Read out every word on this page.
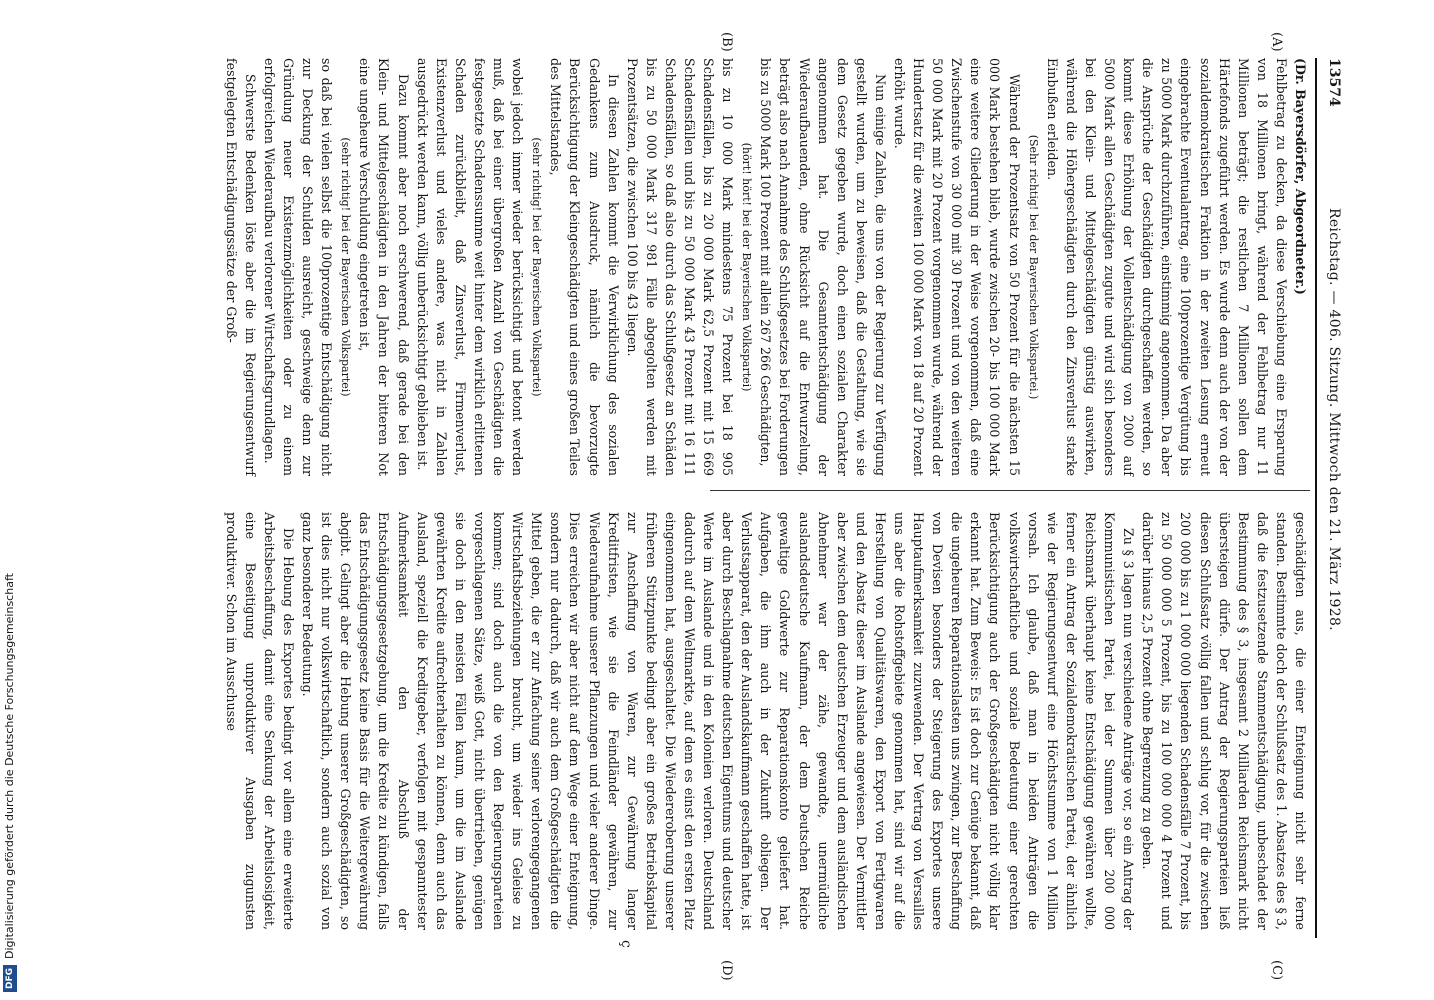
13574
Reichstag. — 406. Sitzung. Mittwoch den 21. März 1928.
(A)
(B)
(C)
(D)

(Dr. Bayersdörfer, Abgeordneter.)

Fehlbetrag zu decken, da diese Verschiebung eine Ersparung von 18 Millionen bringt, während der Fehlbetrag nur 11 Millionen beträgt; die restlichen 7 Millionen sollen dem Härtefonds zugeführt werden. Es wurde denn auch der von der sozialdemokratischen Fraktion in der zweiten Lesung erneut eingebrachte Eventualantrag, eine 100prozentige Vergütung bis zu 5000 Mark durchzuführen, einstimmig angenommen. Da aber die Ansprüche der Geschädigten durchgeschaffen werden, so kommt diese Erhöhung der Vollentschädigung von 2000 auf 5000 Mark allen Geschädigten zugute und wird sich besonders bei den Klein- und Mittelgeschädigten günstig auswirken, während die Höhergeschädigten durch den Zinsverlust starke Einbußen erleiden.

(Sehr richtig! bei der Bayerischen Volkspartei.)

Während der Prozentsatz von 50 Prozent für die nächsten 15 000 Mark bestehen blieb, wurde zwischen 20- bis 100 000 Mark eine weitere Gliederung in der Weise vorgenommen, daß eine Zwischenstufe von 30 000 mit 30 Prozent und von den weiteren 50 000 Mark mit 20 Prozent vorgenommen wurde, während der Hundertsatz für die zweiten 100 000 Mark von 18 auf 20 Prozent erhöht wurde.

Nun einige Zahlen, die uns von der Regierung zur Verfügung gestellt wurden, um zu beweisen, daß die Gestaltung, wie sie dem Gesetz gegeben wurde, doch einen sozialen Charakter angenommen hat. Die Gesamtentschädigung der Wiederaufbauenden, ohne Rücksicht auf die Entwurzelung, beträgt also nach Annahme des Schlußgesetzes bei Forderungen bis zu 5000 Mark 100 Prozent mit allein 267 266 Geschädigten,

(hört! hört! bei der Bayerischen Volkspartei)

bis zu 10 000 Mark mindestens 75 Prozent bei 18 905 Schadensfällen, bis zu 20 000 Mark 62,5 Prozent mit 15 669 Schadensfällen und bis zu 50 000 Mark 43 Prozent mit 16 111 Schadensfällen, so daß also durch das Schlußgesetz an Schäden bis zu 50 000 Mark 317 981 Fälle abgegolten werden mit Prozentsätzen, die zwischen 100 bis 43 liegen.

In diesen Zahlen kommt die Verwirklichung des sozialen Gedankens zum Ausdruck, nämlich die bevorzugte Berücksichtigung der Kleingeschädigten und eines großen Teiles des Mittelstandes,

(sehr richtig! bei der Bayerischen Volkspartei)

wobei jedoch immer wieder berücksichtigt und betont werden muß, daß bei einer übergroßen Anzahl von Geschädigten die festgesetzte Schadenssumme weit hinter dem wirklich erlittenen Schaden zurückbleibt, daß Zinsverlust, Firmenverlust, Existenzverlust und vieles andere, was nicht in Zahlen ausgedrückt werden kann, völlig unberücksichtigt geblieben ist.

Dazu kommt aber noch erschwerend, daß gerade bei den Klein- und Mittelgeschädigten in den Jahren der bitteren Not eine ungeheure Verschuldung eingetreten ist,

(sehr richtig! bei der Bayerischen Volkspartei)

so daß bei vielen selbst die 100prozentige Entschädigung nicht zur Deckung der Schulden ausreicht, geschweige denn zur Gründung neuer Existenzmöglichkeiten oder zu einem erfolgreichen Wiederaufbau verlorener Wirtschaftsgrundlagen.

Schwerste Bedenken löste aber die im Regierungsentwurf festgelegten Entschädigungssätze der Groß-

geschädigten aus, die einer Enteignung nicht sehr ferne standen. Bestimmte doch der Schlußsatz des 1. Absatzes des § 3, daß die festzusetzende Stammentschädigung, unbeschadet der Bestimmung des § 3, insgesamt 2 Milliarden Reichsmark nicht übersteigen dürfe. Der Antrag der Regierungsparteien ließ diesen Schlußsatz völlig fallen und schlug vor, für die zwischen 200 000 bis zu 1 000 000 liegenden Schadensfälle 7 Prozent, bis zu 50 000 000 5 Prozent, bis zu 100 000 000 4 Prozent und darüber hinaus 2,5 Prozent ohne Begrenzung zu geben.

Zu § 3 lagen nun verschiedene Anträge vor, so ein Antrag der Kommunistischen Partei, bei der Summen über 200 000 Reichsmark überhaupt keine Entschädigung gewähren wollte, ferner ein Antrag der Sozialdemokratischen Partei, der ähnlich wie der Regierungsentwurf eine Höchstsumme von 1 Million vorsah. Ich glaube, daß man in beiden Anträgen die volkswirtschaftliche und soziale Bedeutung einer gerechten Berücksichtigung auch der Großgeschädigten nicht völlig klar erkannt hat. Zum Beweis: Es ist doch zur Genüge bekannt, daß die ungeheuren Reparationslasten uns zwingen, zur Beschaffung von Devisen besonders der Steigerung des Exportes unsere Hauptaufmerksamkeit zuzuwenden. Der Vertrag von Versailles uns aber die Rohstoffgebiete genommen hat, sind wir auf die Herstellung von Qualitätswaren, den Export von Fertigwaren und den Absatz dieser im Auslande angewiesen. Der Vermittler aber zwischen dem deutschen Erzeuger und dem ausländischen Abnehmer war der zähe, gewandte, unermüdliche auslandsdeutsche Kaufmann, der dem Deutschen Reiche gewaltige Goldwerte zur Reparationskonto geliefert hat. Aufgaben, die ihm auch in der Zukunft obliegen. Der Verlustsapparat, den der Auslandskaufmann geschaffen hatte, ist aber durch Beschlagnahme deutschen Eigentums und deutscher Werte im Auslande und in den Kolonien verloren. Deutschland dadurch auf dem Weltmarkte, auf dem es einst den ersten Platz eingenommen hat, ausgeschaltet. Die Wiedereroberung unserer früheren Stützpunkte bedingt aber ein großes Betriebskapital zur Anschaffung von Waren, zur Gewährung langer Kreditfristen, wie sie die Feindländer gewähren, zur Wiederaufnahme unserer Pflanzungen und vieler anderer Dinge. Dies erreichen wir aber nicht auf dem Wege einer Enteignung, sondern nur dadurch, daß wir auch dem Großgeschädigten die Mittel geben, die er zur Anfachung seiner verlorengegangenen Wirtschaftsbeziehungen braucht, um wieder ins Geleise zu kommen; sind doch auch die von den Regierungsparteien vorgeschlagenen Sätze, weiß Gott, nicht übertrieben, genügen sie doch in den meisten Fällen kaum, um die im Auslande gewährten Kredite aufrechterhalten zu können, denn auch das Ausland, speziell die Kreditgeber, verfolgen mit gespanntester Aufmerksamkeit den Abschluß der Entschädigungsgesetzgebung, um die Kredite zu kündigen, falls das Entschädigungsgesetz keine Basis für die Weitergewährung abgibt. Gelingt aber die Hebung unserer Großgeschädigten, so ist dies nicht nur volkswirtschaftlich, sondern auch sozial von ganz besonderer Bedeutung.

Die Hebung des Exportes bedingt vor allem eine erweiterte Arbeitsbeschaffung, damit eine Senkung der Arbeitslosigkeit, eine Beseitigung unproduktiver Ausgaben zugunsten produktiver. Schon im Ausschusse

ç
DFGDigitalisierung gefördert durch die Deutsche Forschungsgemeinschaft
